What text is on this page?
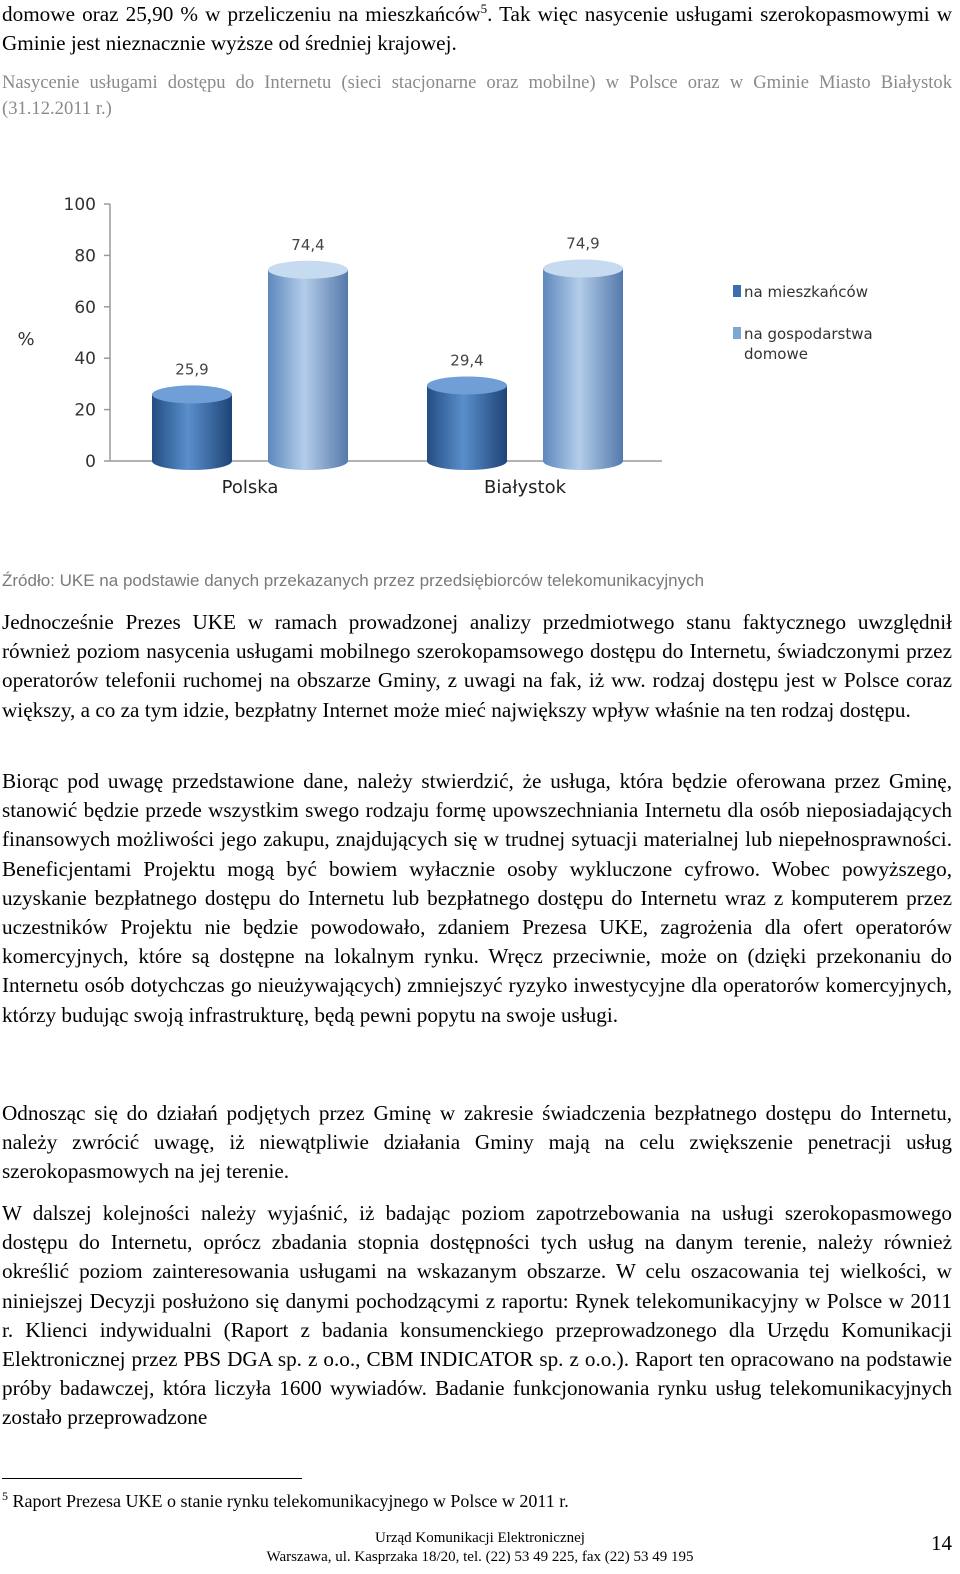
domowe oraz 25,90 % w przeliczeniu na mieszkańców$^5$. Tak więc nasycenie usługami szerokopasmowymi w Gminie jest nieznacznie wyższe od średniej krajowej.

Nasycenie usługami dostępu do Internetu (sieci stacjonarne oraz mobilne) w Polsce oraz w Gminie Miasto Białystok (31.12.2011 r.)

0
20
40
60
80
100
%
25,9
74,4
Polska
29,4
74,9
Białystok
na mieszkańców
na gospodarstwa
domowe

Źródło: UKE na podstawie danych przekazanych przez przedsiębiorców telekomunikacyjnych

Jednocześnie Prezes UKE w ramach prowadzonej analizy przedmiotwego stanu faktycznego uwzględnił również poziom nasycenia usługami mobilnego szerokopamsowego dostępu do Internetu, świadczonymi przez operatorów telefonii ruchomej na obszarze Gminy, z uwagi na fak, iż ww. rodzaj dostępu jest w Polsce coraz większy, a co za tym idzie, bezpłatny Internet może mieć największy wpływ właśnie na ten rodzaj dostępu.

Biorąc pod uwagę przedstawione dane, należy stwierdzić, że usługa, która będzie oferowana przez Gminę, stanowić będzie przede wszystkim swego rodzaju formę upowszechniania Internetu dla osób nieposiadających finansowych możliwości jego zakupu, znajdujących się w trudnej sytuacji materialnej lub niepełnosprawności. Beneficjentami Projektu mogą być bowiem wyłacznie osoby wykluczone cyfrowo. Wobec powyższego, uzyskanie bezpłatnego dostępu do Internetu lub bezpłatnego dostępu do Internetu wraz z komputerem przez uczestników Projektu nie będzie powodowało, zdaniem Prezesa UKE, zagrożenia dla ofert operatorów komercyjnych, które są dostępne na lokalnym rynku. Wręcz przeciwnie, może on (dzięki przekonaniu do Internetu osób dotychczas go nieużywających) zmniejszyć ryzyko inwestycyjne dla operatorów komercyjnych, którzy budując swoją infrastrukturę, będą pewni popytu na swoje usługi.

Odnosząc się do działań podjętych przez Gminę w zakresie świadczenia bezpłatnego dostępu do Internetu, należy zwrócić uwagę, iż niewątpliwie działania Gminy mają na celu zwiększenie penetracji usług szerokopasmowych na jej terenie.

W dalszej kolejności należy wyjaśnić, iż badając poziom zapotrzebowania na usługi szerokopasmowego dostępu do Internetu, oprócz zbadania stopnia dostępności tych usług na danym terenie, należy również określić poziom zainteresowania usługami na wskazanym obszarze. W celu oszacowania tej wielkości, w niniejszej Decyzji posłużono się danymi pochodzącymi z raportu: Rynek telekomunikacyjny w Polsce w 2011 r. Klienci indywidualni (Raport z badania konsumenckiego przeprowadzonego dla Urzędu Komunikacji Elektronicznej przez PBS DGA sp. z o.o., CBM INDICATOR sp. z o.o.). Raport ten opracowano na podstawie próby badawczej, która liczyła 1600 wywiadów. Badanie funkcjonowania rynku usług telekomunikacyjnych zostało przeprowadzone

$^5$ Raport Prezesa UKE o stanie rynku telekomunikacyjnego w Polsce w 2011 r.

Urząd Komunikacji Elektronicznej
Warszawa, ul. Kasprzaka 18/20, tel. (22) 53 49 225, fax (22) 53 49 195
14
